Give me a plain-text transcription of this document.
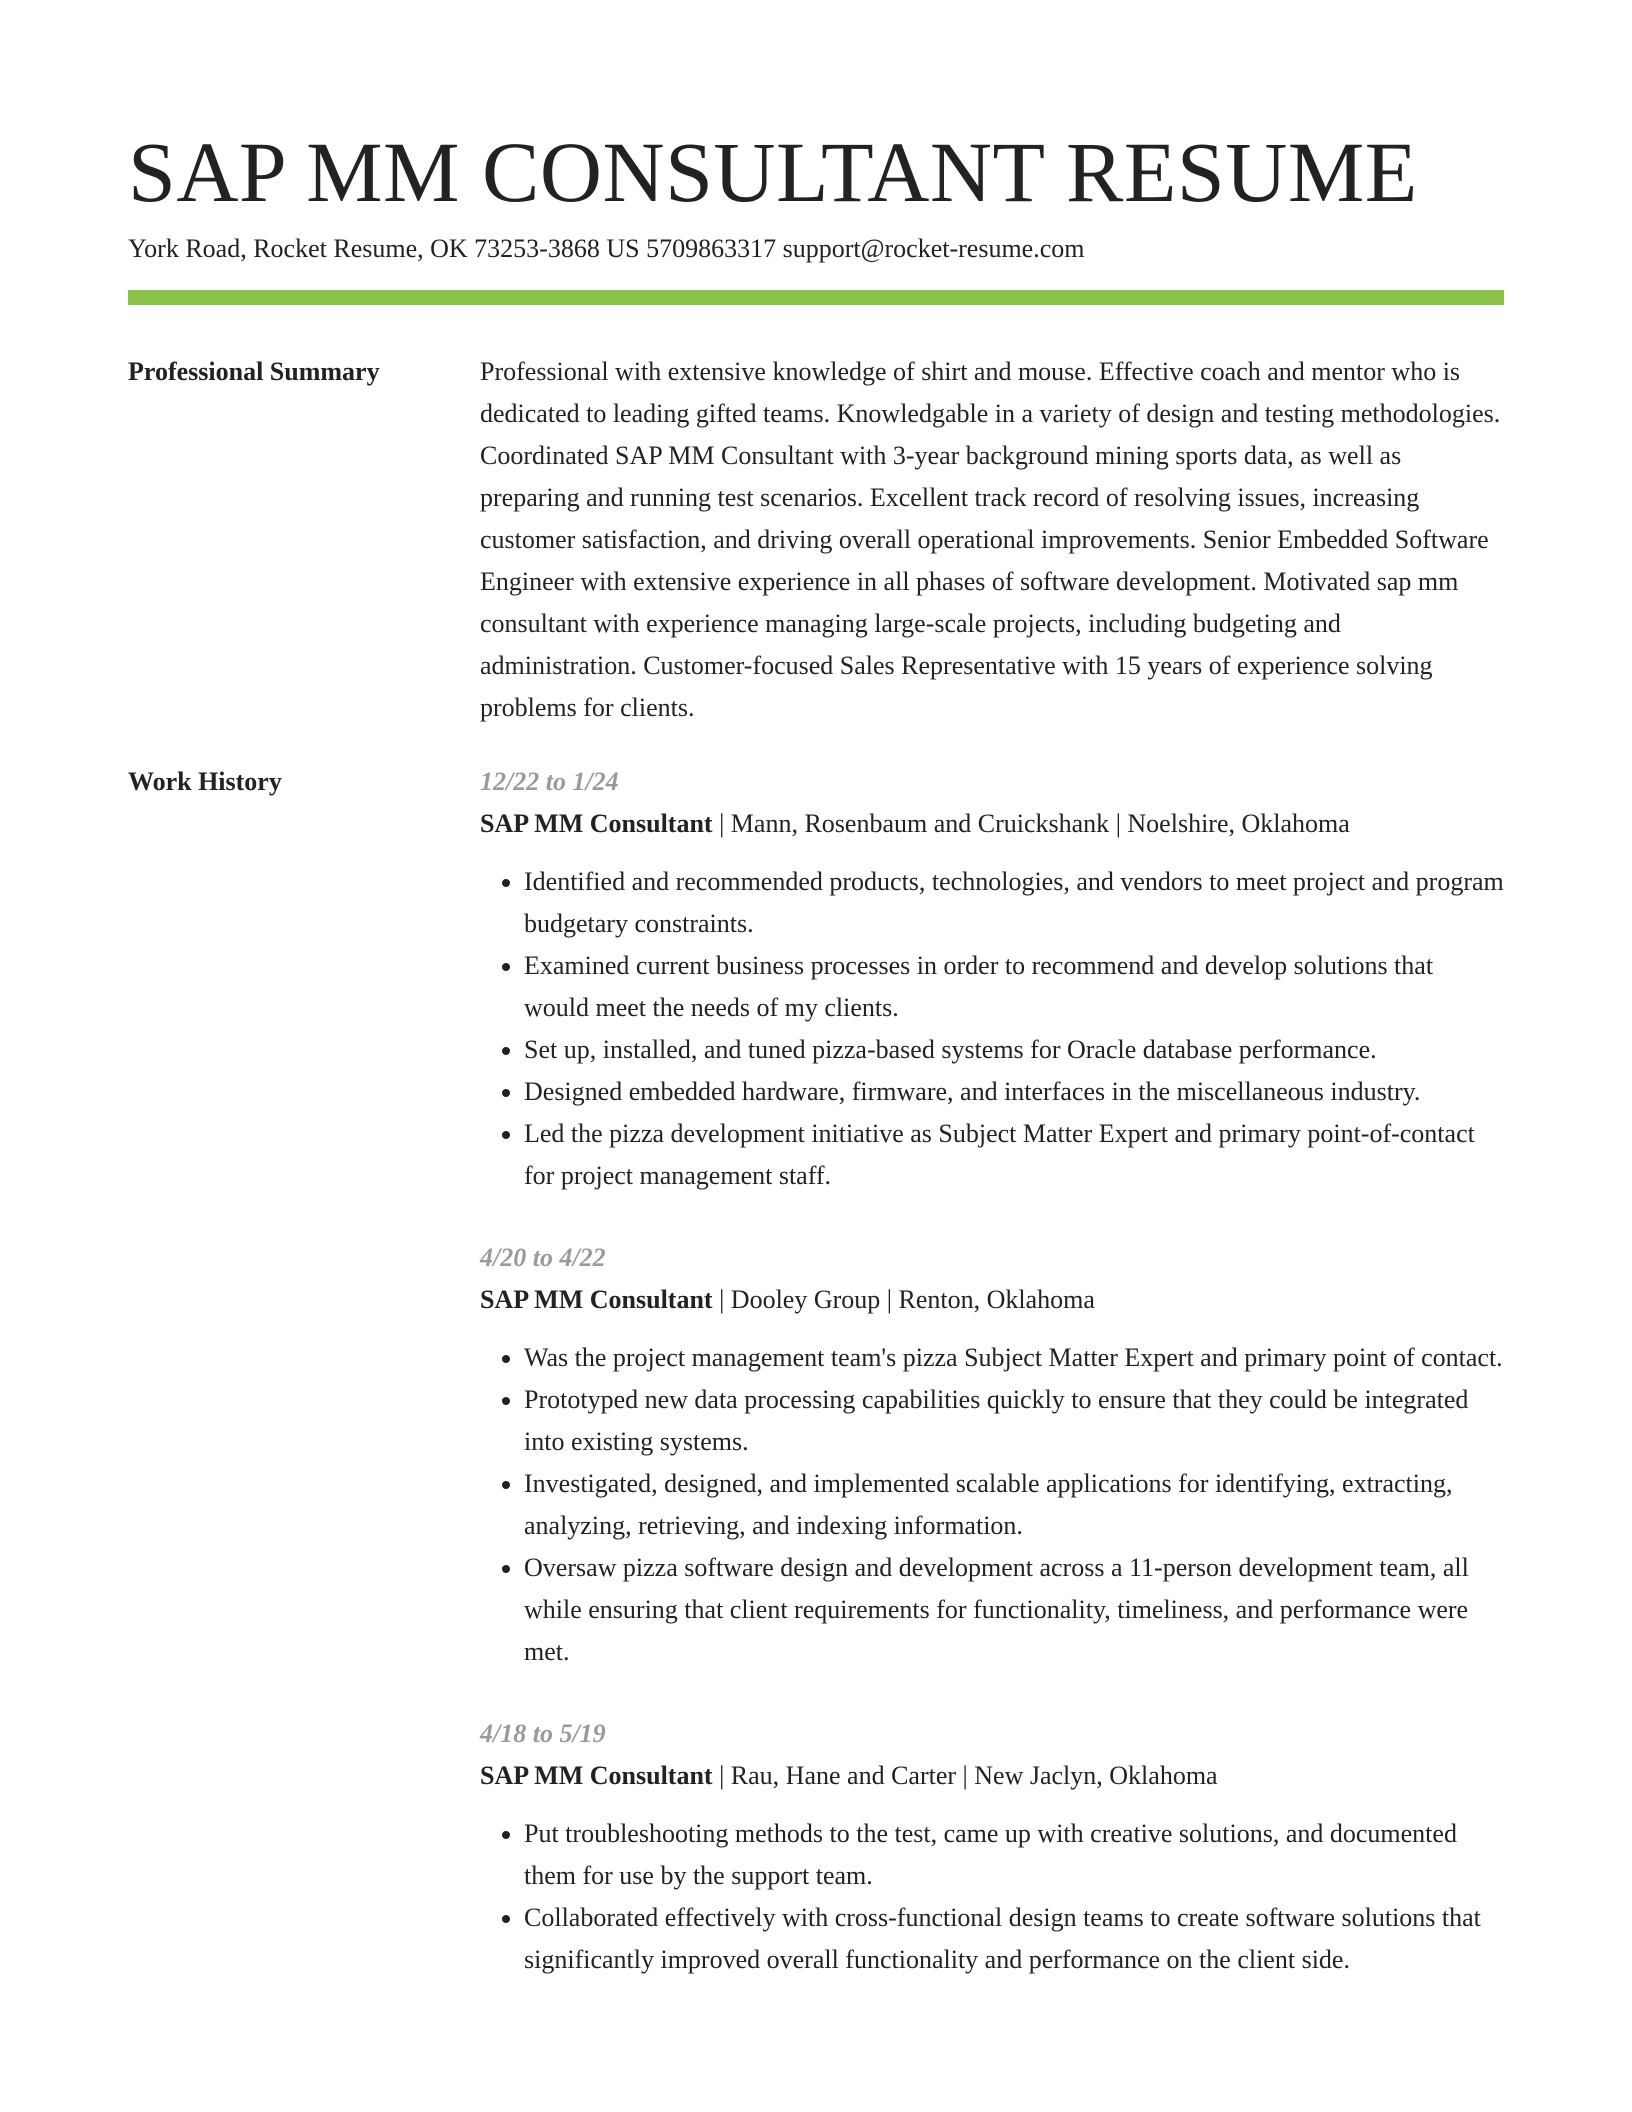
SAP MM CONSULTANT RESUME
York Road, Rocket Resume, OK 73253-3868 US 5709863317 support@rocket-resume.com
Professional Summary	Professional with extensive knowledge of shirt and mouse. Effective coach and mentor who is dedicated to leading gifted teams. Knowledgable in a variety of design and testing methodologies. Coordinated SAP MM Consultant with 3-year background mining sports data, as well as preparing and running test scenarios. Excellent track record of resolving issues, increasing customer satisfaction, and driving overall operational improvements. Senior Embedded Software Engineer with extensive experience in all phases of software development. Motivated sap mm consultant with experience managing large-scale projects, including budgeting and administration. Customer-focused Sales Representative with 15 years of experience solving problems for clients.

Work History	12/22 to 1/24
SAP MM Consultant | Mann, Rosenbaum and Cruickshank | Noelshire, Oklahoma
• Identified and recommended products, technologies, and vendors to meet project and program budgetary constraints.
• Examined current business processes in order to recommend and develop solutions that would meet the needs of my clients.
• Set up, installed, and tuned pizza-based systems for Oracle database performance.
• Designed embedded hardware, firmware, and interfaces in the miscellaneous industry.
• Led the pizza development initiative as Subject Matter Expert and primary point-of-contact for project management staff.
4/20 to 4/22
SAP MM Consultant | Dooley Group | Renton, Oklahoma
• Was the project management team's pizza Subject Matter Expert and primary point of contact.
• Prototyped new data processing capabilities quickly to ensure that they could be integrated into existing systems.
• Investigated, designed, and implemented scalable applications for identifying, extracting, analyzing, retrieving, and indexing information.
• Oversaw pizza software design and development across a 11-person development team, all while ensuring that client requirements for functionality, timeliness, and performance were met.
4/18 to 5/19
SAP MM Consultant | Rau, Hane and Carter | New Jaclyn, Oklahoma
• Put troubleshooting methods to the test, came up with creative solutions, and documented them for use by the support team.
• Collaborated effectively with cross-functional design teams to create software solutions that significantly improved overall functionality and performance on the client side.
